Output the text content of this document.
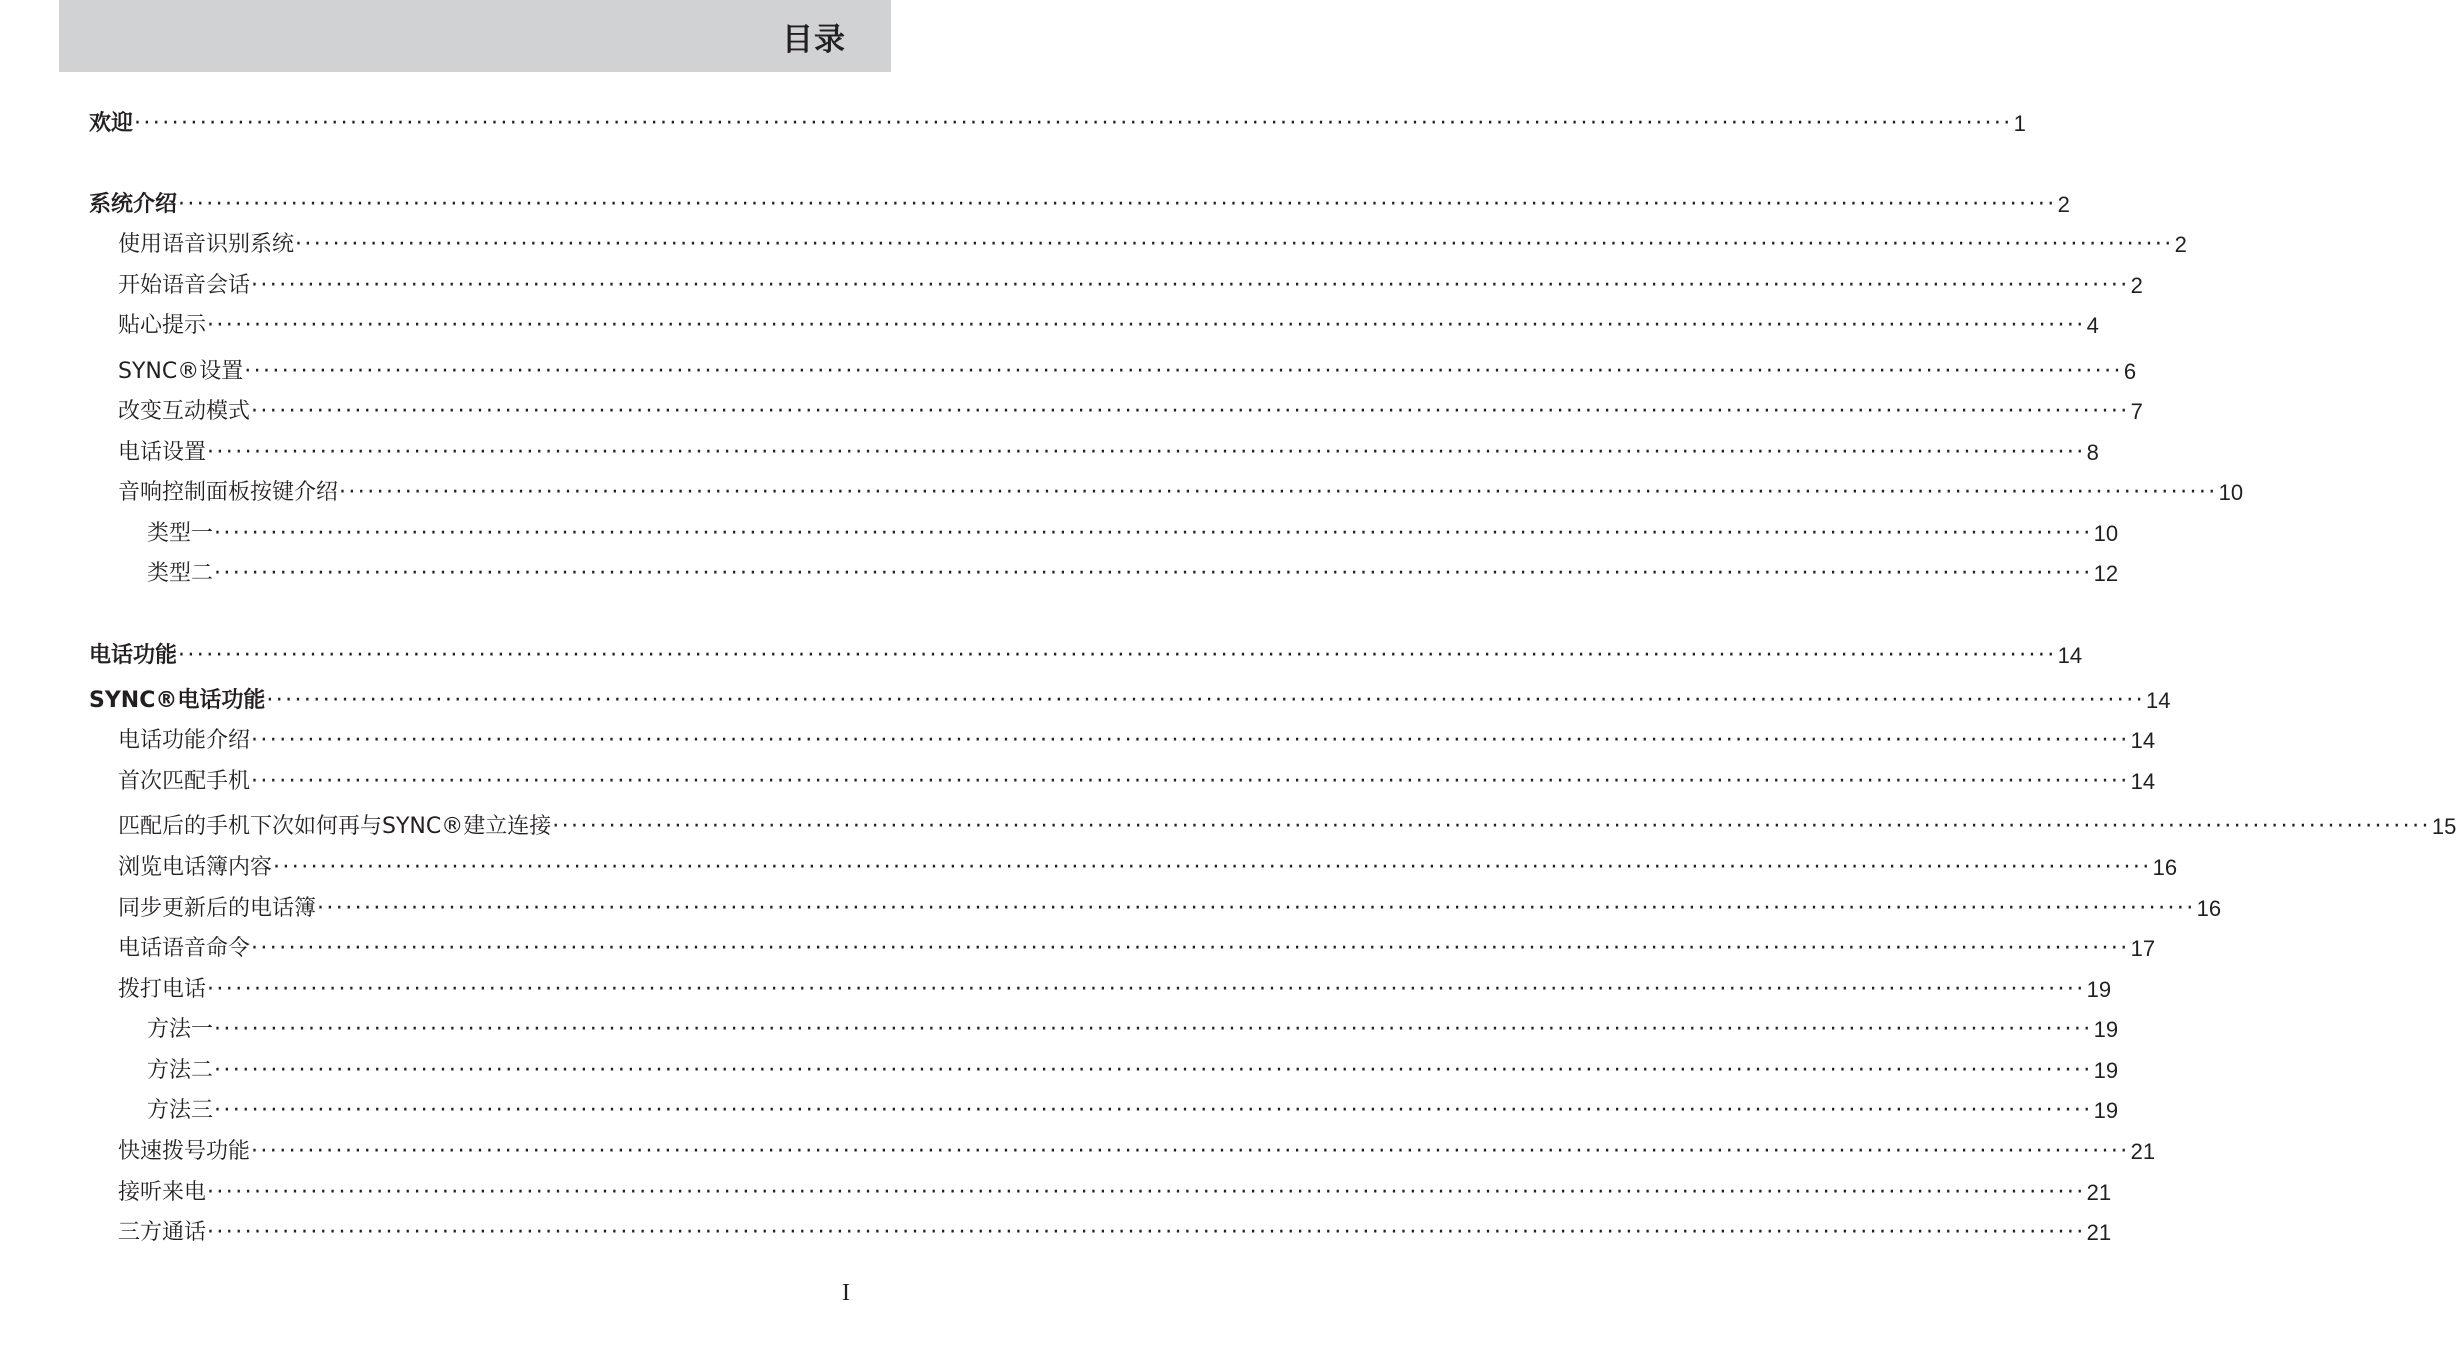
目录
欢迎 ········································································································································································································ 1
系统介绍 ········································································································································································································ 2
使用语音识别系统 ········································································································································································································ 2
开始语音会话 ········································································································································································································ 2
贴心提示 ········································································································································································································ 4
SYNC®设置 ········································································································································································································ 6
改变互动模式 ········································································································································································································ 7
电话设置 ········································································································································································································ 8
音响控制面板按键介绍 ········································································································································································································ 10
类型一 ········································································································································································································ 10
类型二 ········································································································································································································ 12
电话功能 ········································································································································································································ 14
SYNC®电话功能 ········································································································································································································ 14
电话功能介绍 ········································································································································································································ 14
首次匹配手机 ········································································································································································································ 14
匹配后的手机下次如何再与SYNC®建立连接 ········································································································································································································ 15
浏览电话簿内容 ········································································································································································································ 16
同步更新后的电话簿 ········································································································································································································ 16
电话语音命令 ········································································································································································································ 17
拨打电话 ········································································································································································································ 19
方法一 ········································································································································································································ 19
方法二 ········································································································································································································ 19
方法三 ········································································································································································································ 19
快速拨号功能 ········································································································································································································ 21
接听来电 ········································································································································································································ 21
三方通话 ········································································································································································································ 21
I
